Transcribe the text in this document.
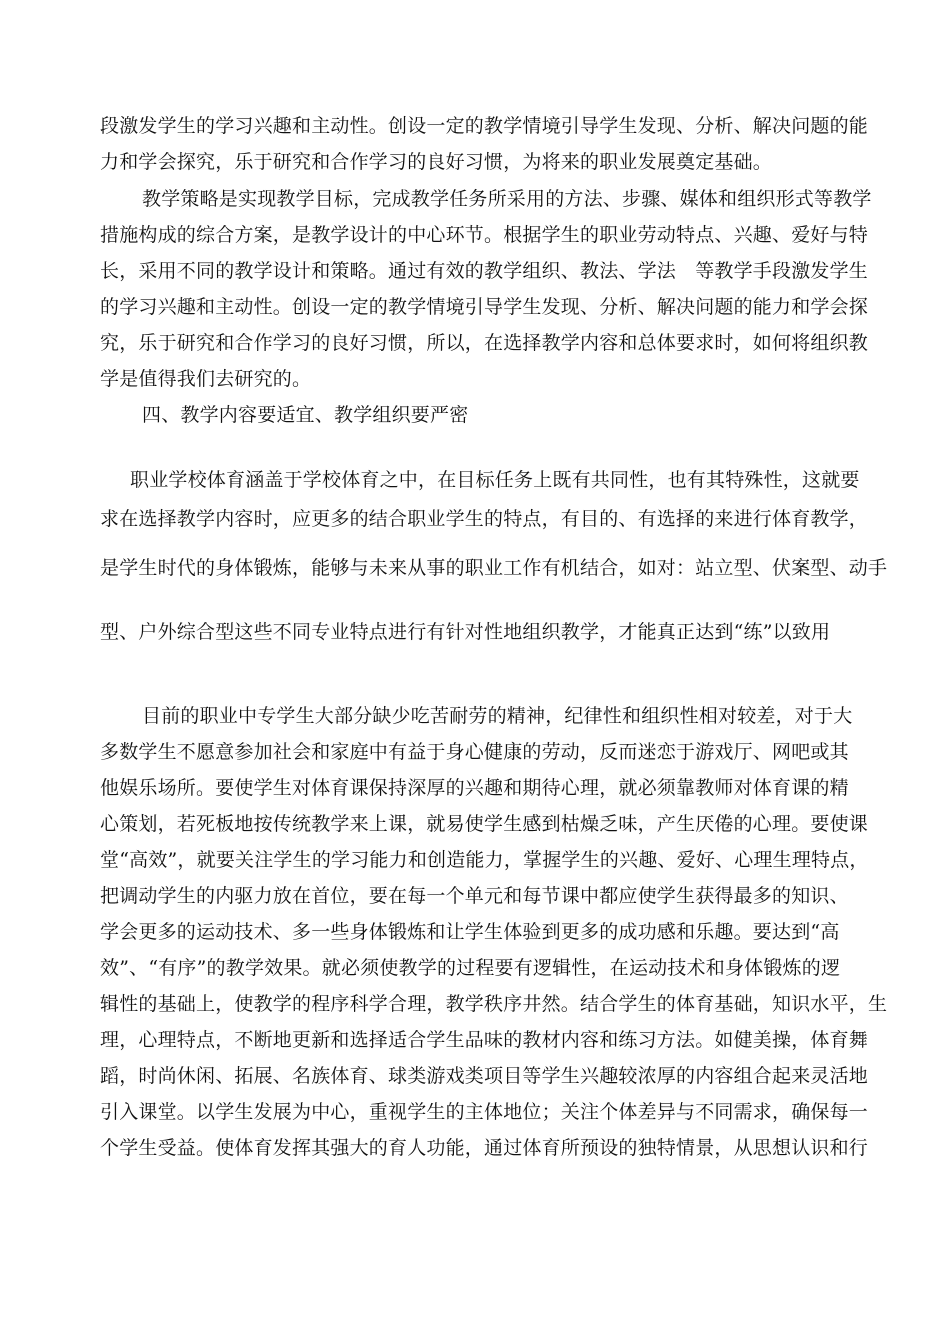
段激发学生的学习兴趣和主动性。创设一定的教学情境引导学生发现、分析、解决问题的能
力和学会探究，乐于研究和合作学习的良好习惯，为将来的职业发展奠定基础。
教学策略是实现教学目标，完成教学任务所采用的方法、步骤、媒体和组织形式等教学
措施构成的综合方案，是教学设计的中心环节。根据学生的职业劳动特点、兴趣、爱好与特
长，采用不同的教学设计和策略。通过有效的教学组织、教法、学法　等教学手段激发学生
的学习兴趣和主动性。创设一定的教学情境引导学生发现、分析、解决问题的能力和学会探
究，乐于研究和合作学习的良好习惯，所以，在选择教学内容和总体要求时，如何将组织教
学是值得我们去研究的。
四、教学内容要适宜、教学组织要严密
职业学校体育涵盖于学校体育之中，在目标任务上既有共同性，也有其特殊性，这就要
求在选择教学内容时，应更多的结合职业学生的特点，有目的、有选择的来进行体育教学，
是学生时代的身体锻炼，能够与未来从事的职业工作有机结合，如对：站立型、伏案型、动手
型、户外综合型这些不同专业特点进行有针对性地组织教学，才能真正达到“练”以致用
目前的职业中专学生大部分缺少吃苦耐劳的精神，纪律性和组织性相对较差，对于大
多数学生不愿意参加社会和家庭中有益于身心健康的劳动，反而迷恋于游戏厅、网吧或其
他娱乐场所。要使学生对体育课保持深厚的兴趣和期待心理，就必须靠教师对体育课的精
心策划，若死板地按传统教学来上课，就易使学生感到枯燥乏味，产生厌倦的心理。要使课
堂“高效”，就要关注学生的学习能力和创造能力，掌握学生的兴趣、爱好、心理生理特点，
把调动学生的内驱力放在首位，要在每一个单元和每节课中都应使学生获得最多的知识、
学会更多的运动技术、多一些身体锻炼和让学生体验到更多的成功感和乐趣。要达到“高
效”、“有序”的教学效果。就必须使教学的过程要有逻辑性，在运动技术和身体锻炼的逻
辑性的基础上，使教学的程序科学合理，教学秩序井然。结合学生的体育基础，知识水平，生
理，心理特点，不断地更新和选择适合学生品味的教材内容和练习方法。如健美操，体育舞
蹈，时尚休闲、拓展、名族体育、球类游戏类项目等学生兴趣较浓厚的内容组合起来灵活地
引入课堂。以学生发展为中心，重视学生的主体地位；关注个体差异与不同需求，确保每一
个学生受益。使体育发挥其强大的育人功能，通过体育所预设的独特情景，从思想认识和行
